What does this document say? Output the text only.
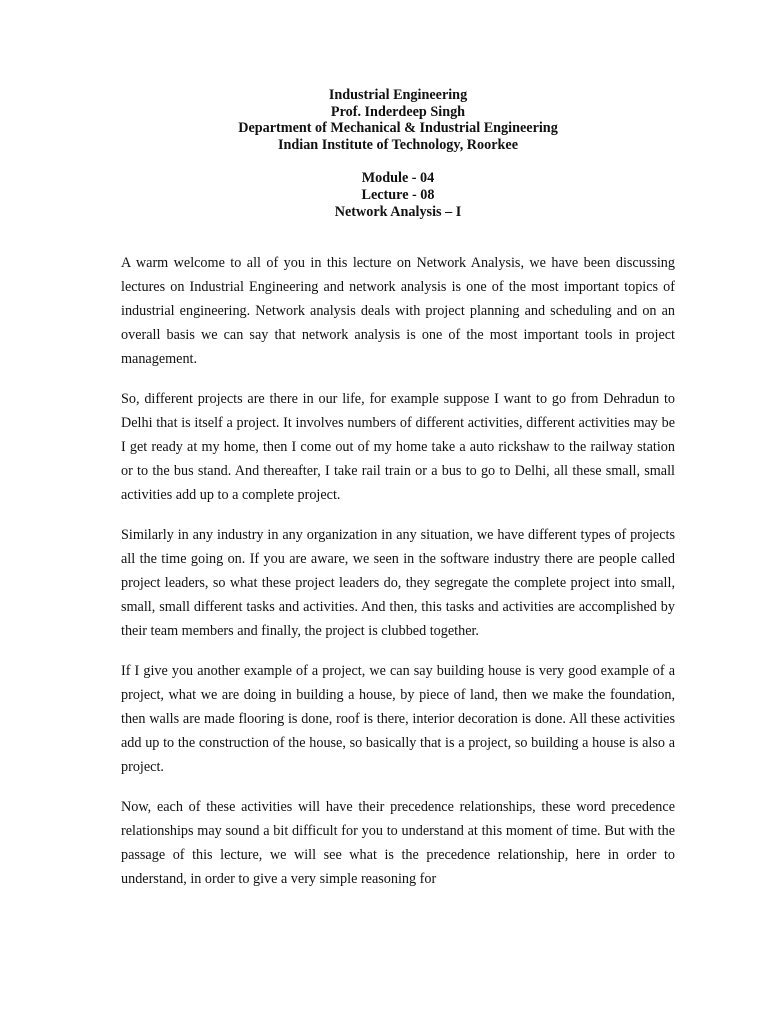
Industrial Engineering
Prof. Inderdeep Singh
Department of Mechanical & Industrial Engineering
Indian Institute of Technology, Roorkee
Module - 04
Lecture - 08
Network Analysis – I

A warm welcome to all of you in this lecture on Network Analysis, we have been discussing lectures on Industrial Engineering and network analysis is one of the most important topics of industrial engineering. Network analysis deals with project planning and scheduling and on an overall basis we can say that network analysis is one of the most important tools in project management.

So, different projects are there in our life, for example suppose I want to go from Dehradun to Delhi that is itself a project. It involves numbers of different activities, different activities may be I get ready at my home, then I come out of my home take a auto rickshaw to the railway station or to the bus stand. And thereafter, I take rail train or a bus to go to Delhi, all these small, small activities add up to a complete project.

Similarly in any industry in any organization in any situation, we have different types of projects all the time going on. If you are aware, we seen in the software industry there are people called project leaders, so what these project leaders do, they segregate the complete project into small, small, small different tasks and activities. And then, this tasks and activities are accomplished by their team members and finally, the project is clubbed together.

If I give you another example of a project, we can say building house is very good example of a project, what we are doing in building a house, by piece of land, then we make the foundation, then walls are made flooring is done, roof is there, interior decoration is done. All these activities add up to the construction of the house, so basically that is a project, so building a house is also a project.

Now, each of these activities will have their precedence relationships, these word precedence relationships may sound a bit difficult for you to understand at this moment of time. But with the passage of this lecture, we will see what is the precedence relationship, here in order to understand, in order to give a very simple reasoning for
